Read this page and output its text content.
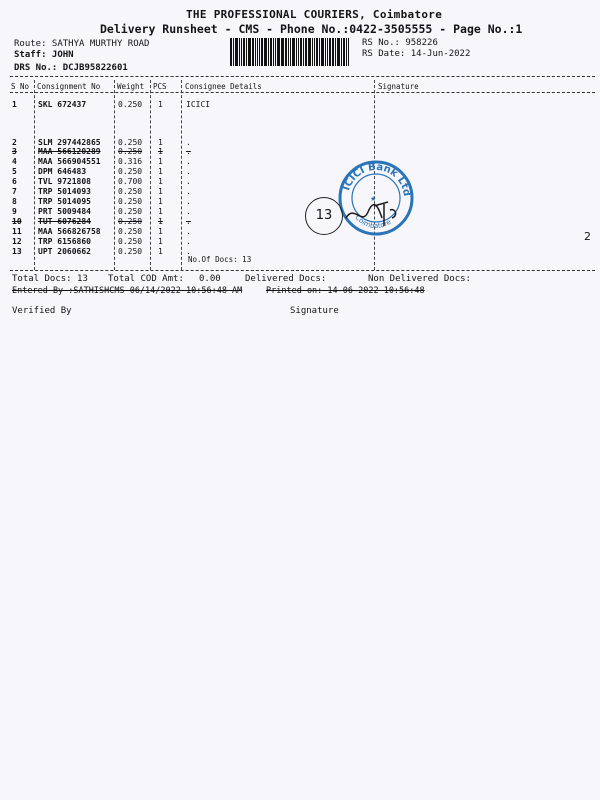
THE PROFESSIONAL COURIERS, Coimbatore
Delivery Runsheet - CMS - Phone No.:0422-3505555 - Page No.:1
Route: SATHYA MURTHY ROAD
Staff: JOHN
DRS No.: DCJB95822601
RS No.: 958226
RS Date: 14-Jun-2022
S No Consignment No Weight PCS Consignee Details	Signature
1	SKL 672437	0.250 1	ICICI
2	SLM 297442865 0.250 1	.
3	MAA 566120289 0.250 1	.
4	MAA 566904551 0.316 1	.
5	DPM 646483	0.250 1	.
6	TVL 9721808	0.700 1	.
7	TRP 5014093	0.250 1	.
8	TRP 5014095	0.250 1	.
9	PRT 5009484	0.250 1	.
10 TUT 6076284	0.250 1	.
11 MAA 566826758 0.250 1	.
12 TRP 6156860	0.250 1	.
13 UPT 2060662	0.250 1	.
No.Of Docs: 13
ICICI Bank Ltd
Coimbatore
★
13
2
Total Docs: 13 Total COD Amt: 0.00	Delivered Docs:	Non Delivered Docs:
Entered By :SATHISHCMS 06/14/2022 10:56:48 AM	Printed on: 14-06-2022 10:56:48
Verified By	Signature
